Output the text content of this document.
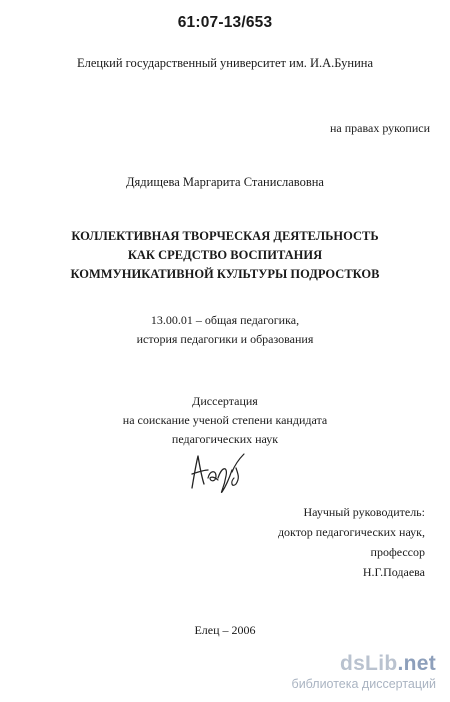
61:07-13/653
Елецкий государственный университет им. И.А.Бунина
на правах рукописи
Дядищева Маргарита Станиславовна
КОЛЛЕКТИВНАЯ ТВОРЧЕСКАЯ ДЕЯТЕЛЬНОСТЬ
КАК СРЕДСТВО ВОСПИТАНИЯ
КОММУНИКАТИВНОЙ КУЛЬТУРЫ ПОДРОСТКОВ
13.00.01 – общая педагогика,
история педагогики и образования
Диссертация
на соискание ученой степени кандидата
педагогических наук
Научный руководитель:
доктор педагогических наук,
профессор
Н.Г.Подаева
Елец – 2006
dsLib.net
библиотека диссертаций
